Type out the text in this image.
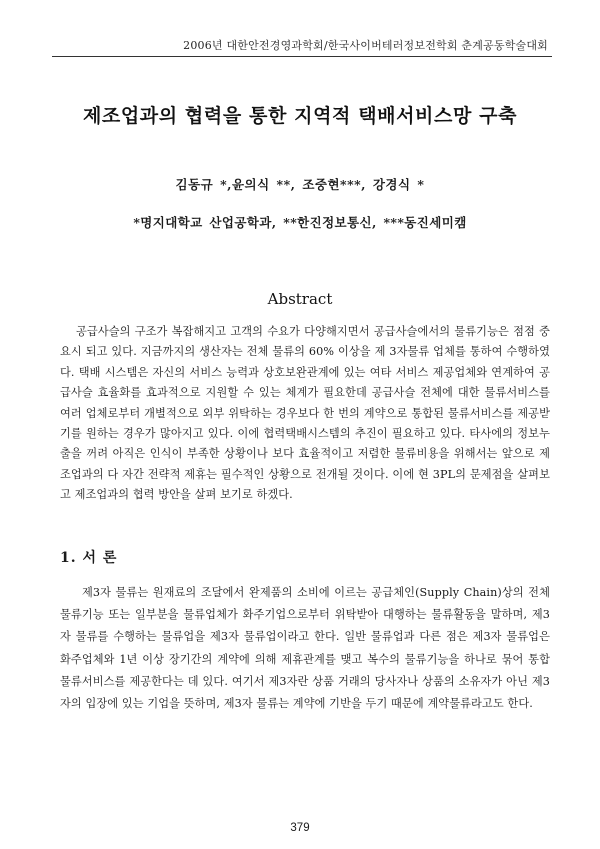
2006년 대한안전경영과학회/한국사이버테러정보전학회 춘계공동학술대회
제조업과의 협력을 통한 지역적 택배서비스망 구축
김동규 *,윤의식 **, 조중현***, 강경식 *
*명지대학교 산업공학과, **한진정보통신, ***동진세미캠
Abstract

공급사슬의 구조가 복잡해지고 고객의 수요가 다양해지면서 공급사슬에서의 물류기능은 점점 중요시 되고 있다. 지금까지의 생산자는 전체 물류의 60% 이상을 제 3자물류 업체를 통하여 수행하였다. 택배 시스템은 자신의 서비스 능력과 상호보완관계에 있는 여타 서비스 제공업체와 연계하여 공급사슬 효율화를 효과적으로 지원할 수 있는 체계가 필요한데 공급사슬 전체에 대한 물류서비스를 여러 업체로부터 개별적으로 외부 위탁하는 경우보다 한 번의 계약으로 통합된 물류서비스를 제공받기를 원하는 경우가 많아지고 있다. 이에 협력택배시스템의 추진이 필요하고 있다. 타사에의 정보누출을 꺼려 아직은 인식이 부족한 상황이나 보다 효율적이고 저렴한 물류비용을 위해서는 앞으로 제조업과의 다 자간 전략적 제휴는 필수적인 상황으로 전개될 것이다. 이에 현 3PL의 문제점을 살펴보고 제조업과의 협력 방안을 살펴 보기로 하겠다.

1. 서 론

제3자 물류는 원재료의 조달에서 완제품의 소비에 이르는 공급체인(Supply Chain)상의 전체 물류기능 또는 일부분을 물류업체가 화주기업으로부터 위탁받아 대행하는 물류활동을 말하며, 제3자 물류를 수행하는 물류업을 제3자 물류업이라고 한다. 일반 물류업과 다른 점은 제3자 물류업은 화주업체와 1년 이상 장기간의 계약에 의해 제휴관계를 맺고 복수의 물류기능을 하나로 묶어 통합 물류서비스를 제공한다는 데 있다. 여기서 제3자란 상품 거래의 당사자나 상품의 소유자가 아닌 제3자의 입장에 있는 기업을 뜻하며, 제3자 물류는 계약에 기반을 두기 때문에 계약물류라고도 한다.

379
